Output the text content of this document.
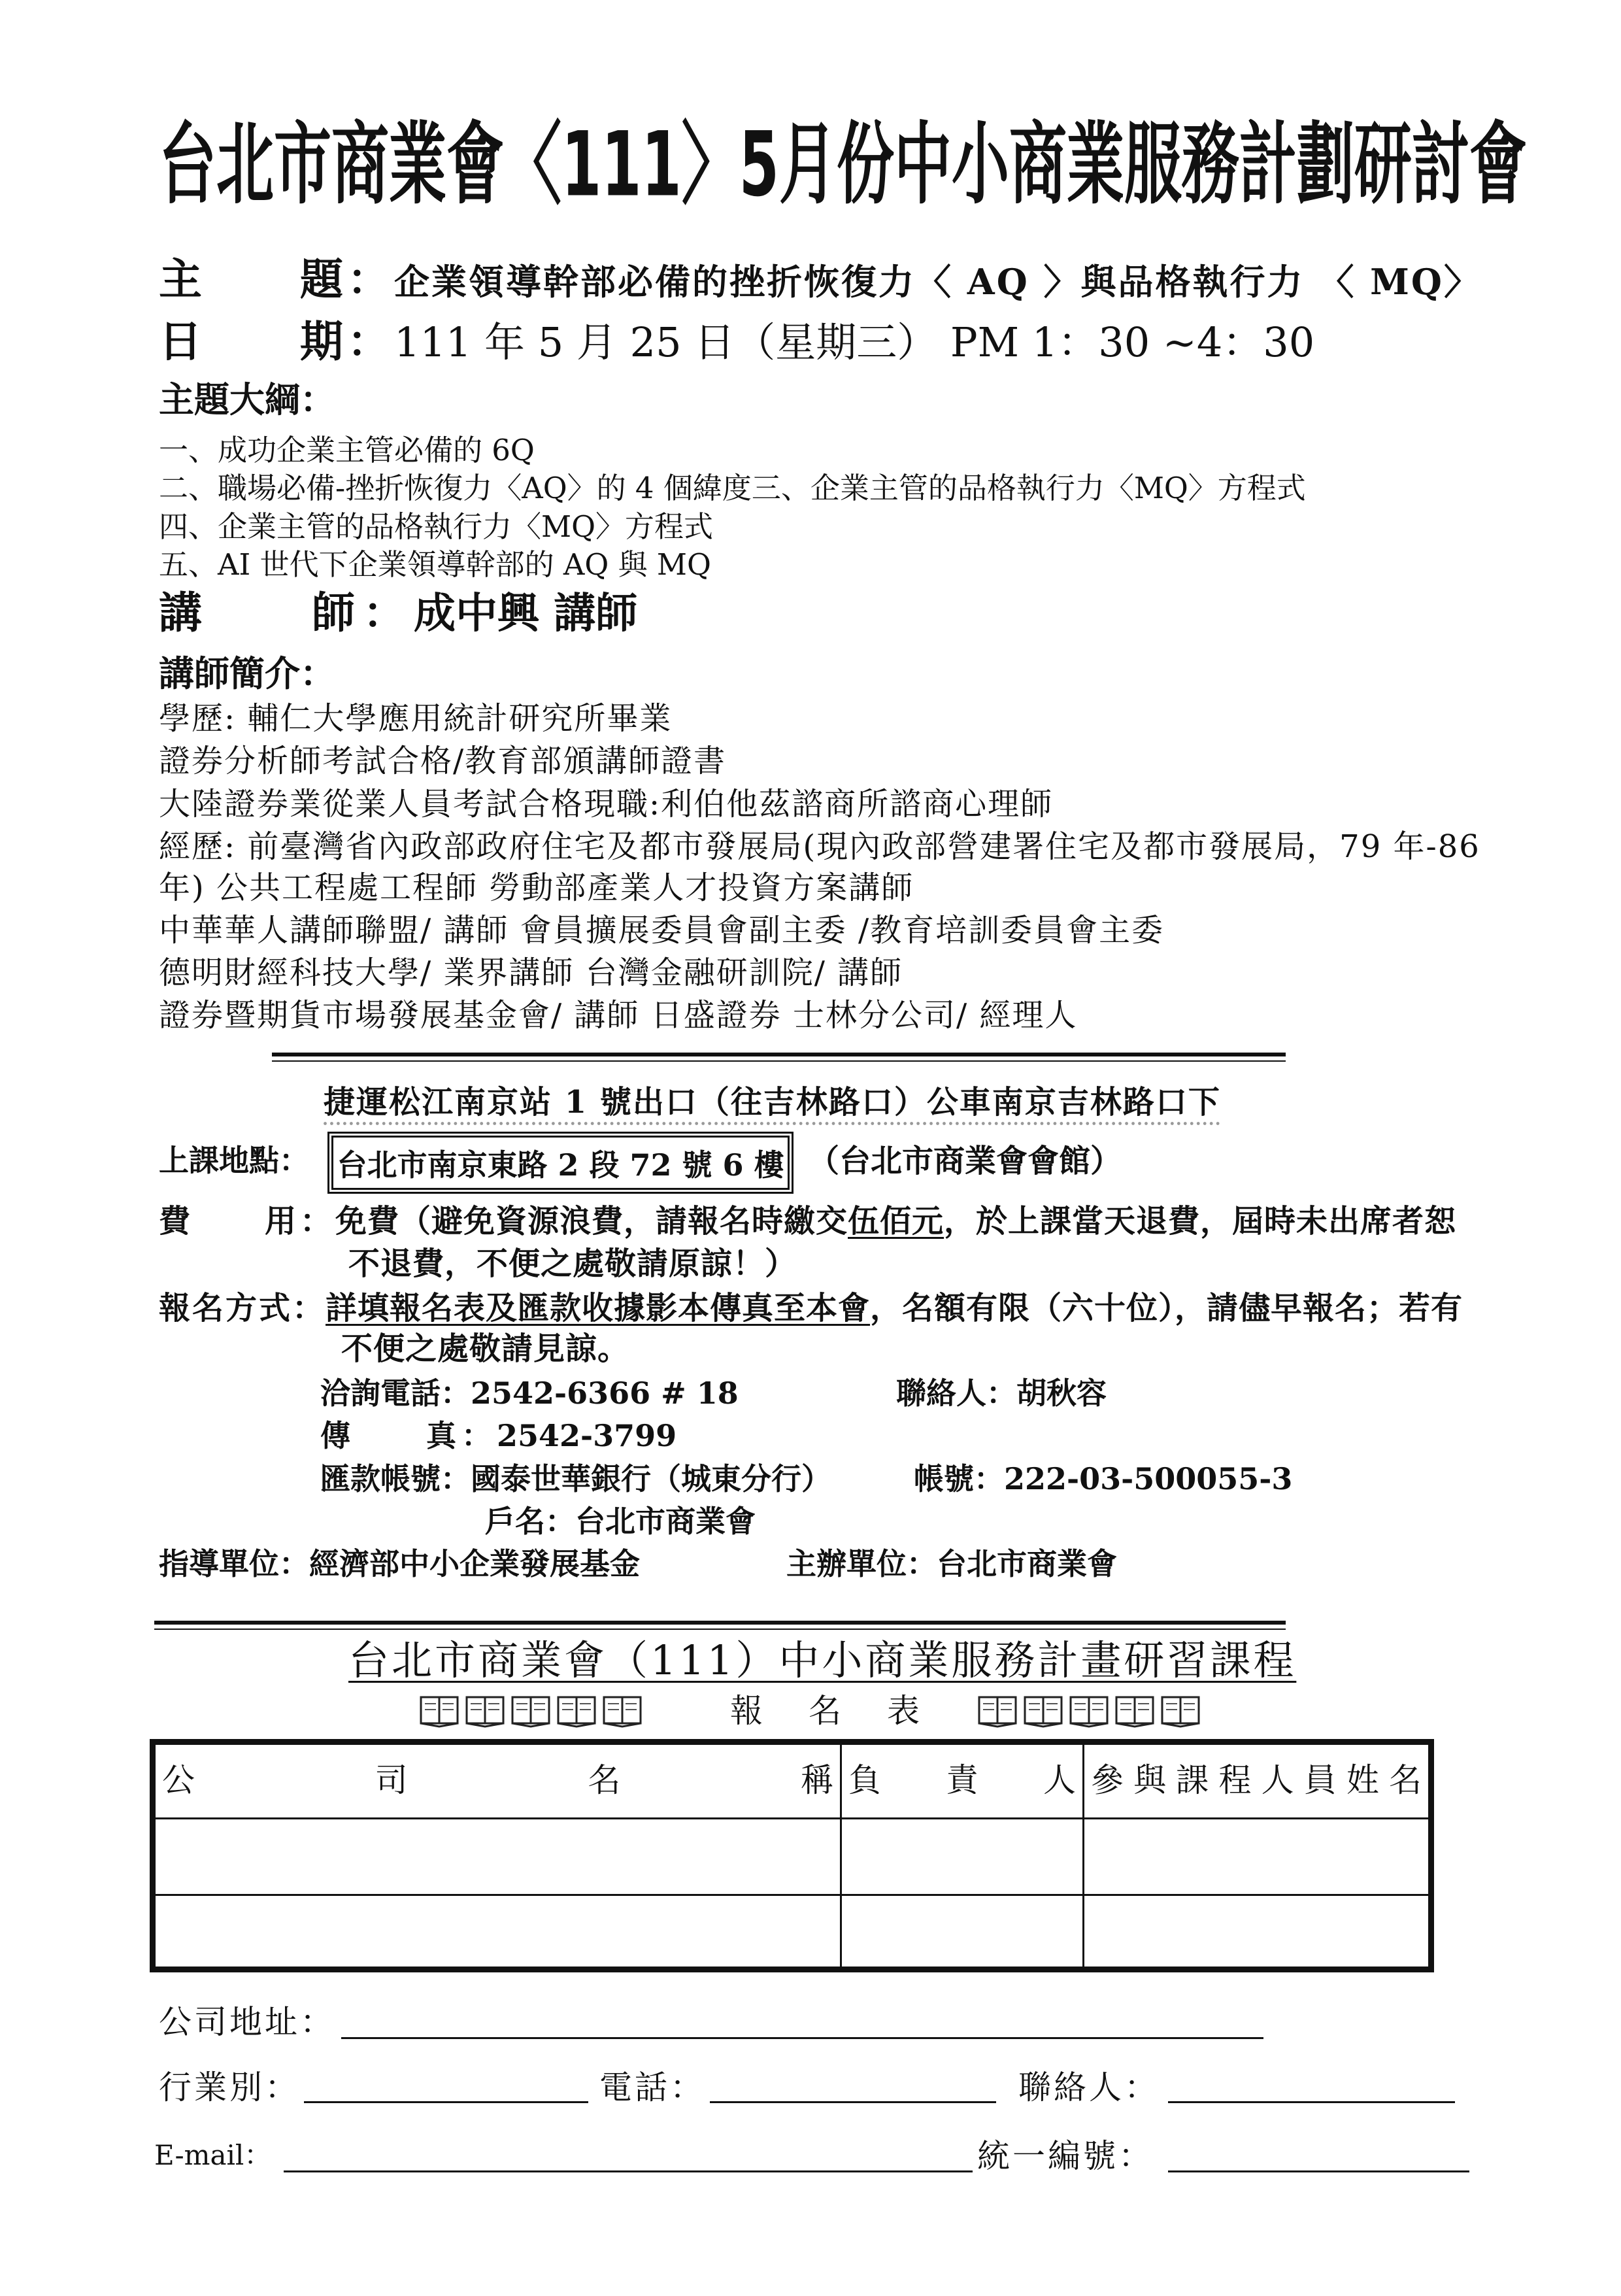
台北市商業會〈111〉5月份中小商業服務計劃研討會
主　　題： 企業領導幹部必備的挫折恢復力〈 AQ 〉與品格執行力 〈 MQ〉
日　　期： 111 年 5 月 25 日（星期三） PM 1：30 ~4：30
主題大綱：
一、成功企業主管必備的 6Q
二、職場必備-挫折恢復力〈AQ〉的 4 個緯度三、企業主管的品格執行力〈MQ〉方程式
四、企業主管的品格執行力〈MQ〉方程式
五、AI 世代下企業領導幹部的 AQ 與 MQ
講　　師： 成中興 講師
講師簡介：
學歷: 輔仁大學應用統計研究所畢業
證券分析師考試合格/教育部頒講師證書
大陸證券業從業人員考試合格現職:利伯他茲諮商所諮商心理師
經歷: 前臺灣省內政部政府住宅及都市發展局(現內政部營建署住宅及都市發展局，79 年-86
年) 公共工程處工程師 勞動部產業人才投資方案講師
中華華人講師聯盟/ 講師 會員擴展委員會副主委 /教育培訓委員會主委
德明財經科技大學/ 業界講師 台灣金融研訓院/ 講師
證券暨期貨市場發展基金會/ 講師 日盛證券 士林分公司/ 經理人
捷運松江南京站 1 號出口（往吉林路口）公車南京吉林路口下
上課地點： 台北市南京東路 2 段 72 號 6 樓 （台北市商業會會館）
費　　用：免費（避免資源浪費，請報名時繳交伍佰元，於上課當天退費，屆時未出席者恕
不退費，不便之處敬請原諒！）
報名方式：詳填報名表及匯款收據影本傳真至本會，名額有限（六十位），請儘早報名；若有
不便之處敬請見諒。
洽詢電話：2542-6366 # 18	聯絡人：胡秋容
傳　　真：2542-3799
匯款帳號：國泰世華銀行（城東分行）	帳號：222-03-500055-3
戶名：台北市商業會
指導單位：經濟部中小企業發展基金	主辦單位：台北市商業會
台北市商業會（111）中小商業服務計畫研習課程
報　名　表
公司名稱 負責人 參與課程人員姓名
公司地址：
行業別：	電話：	聯絡人：
E-mail：	統一編號：
